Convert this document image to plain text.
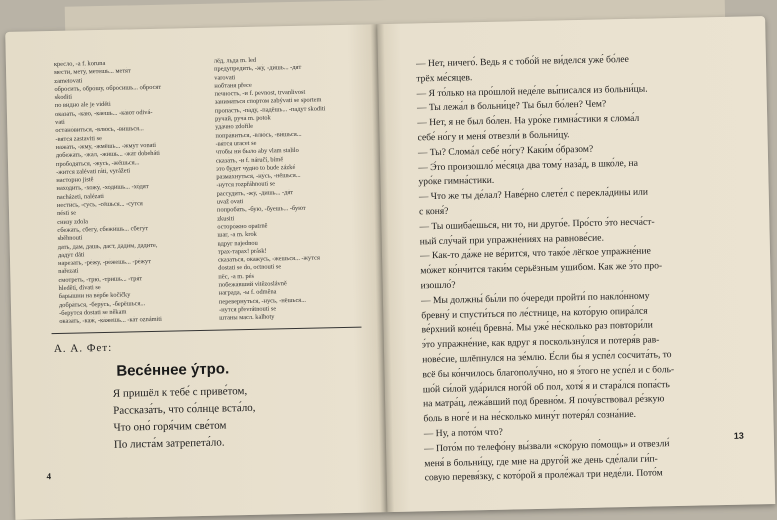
кре́сло, -а f. koruna
мести́, мету́, мете́шь... метя́т
zametovati
обро́сить, обро́шу, обро́сишь... обро́сят
skoditi
по ви́дно ale je viděti
оказа́ть, -ка́ю, -ка́ешь... -ка́ют odivá-
vati
остано́виться, -влю́сь, -ви́шься...
-вя́тся zastaviti se
нажа́ть, -жму́, -жмёшь... -жму́т vonati
добежа́ть, -жа́л, -жи́шь... -жа́т dobeháti
прободя́ться, -жу́сь, -жёшься...
-жи́тся zalévati ráti, vyrážeti
насто́рно jistě
находи́ть, -хожу́, -хо́дишь... -хо́дят
nacházeti, nalézati
нести́сь, -су́сь, -сёшься... -су́тся
nésti se
сни́зу zdola
сбежа́ть, сбегу́, сбежи́шь... сбегу́т
sběhnouti
дать, дам, дашь, даст, дади́м, дади́те,
даду́т dáti
наре́зать, -ре́жу, -ре́жешь... -ре́жут
nařezati
смотре́ть, -трю́, -три́шь... -тря́т
hleděti, dívati se
бары́шни на ве́рбе kočičky
добра́ться, -беру́сь, -берёшься...
-беру́тся dostati se někam
оказа́ть, -каж́, -ка́жешь... -ка́т oznámiti
лёд, льда m. led
предупреди́ть, -жу́, -ди́шь... -дя́т
varovati
ноб́таня přece
пе́чность, -и f. pevnost, trvanlivost
занима́ться спо́ртом zabývati se sportem
пропа́сть, -па́ду, -падёшь... -паду́т skoditi
руча́й, руча́ m. potok
уда́чно zdořile
попра́виться, -влю́сь, -ви́шься...
-вя́тся uracet se
что́бы ни́ было aby vlam stalilo
сказа́ть, -и f. náručí, bímě
это бу́дет чу́дно to bude zázké
разма́хнуться, -ну́сь, -нёшься...
-ну́тся rozpřáhnouti se
рассуди́ть, -жу́, -ди́шь... -дя́т
uvaž ovati
попроба́ть, -бую, -бу́ешь... -бу́ют
zkusiti
осторо́жно opatrně
шаг, -а m. krok
вдру́г najednou
трах-тара́х! prásk!
сказа́ться, окажу́сь, -же́шься... -жу́тся
dostati se do, octnouti se
пёс, -а m. pés
побежа́вший vitězoslávně
награ́да, -ы f. odměna
переверну́ться, -ну́сь, -нёшься...
-ну́тся převrátnouti se
шта́ны масл. kalhoty
А. А. Фет:
Весе́ннее у́тро.
Я пришёл к тебе́ с приве́том,
Рассказа́ть, что со́лнце вста́ло,
Что оно́ горя́чим све́том
По листа́м затрепета́ло.
4
— Нет, ничего́. Ведь я с тобо́й не ви́делся уже́ бо́лее
трёх ме́сяцев.
— Я то́лько на про́шлой неде́ле вы́писался из больни́цы.
— Ты лежа́л в больни́це? Ты был бо́лен? Чем?
— Нет, я не был бо́лен. На уро́ке гимна́стики я слома́л
себе́ но́гу и меня́ отвезли́ в больни́цу.
— Ты? Слома́л себе́ но́гу? Каки́м о́бразом?
— Э́то произошло́ ме́сяца два тому́ наза́д, в шко́ле, на
уро́ке гимна́стики.
— Что же ты де́лал? Наве́рно слете́л с перекла́дины или
с коня́?
— Ты ошиба́ешься, ни то, ни друго́е. Про́сто э́то несча́ст-
ный слу́чай при упражне́ниях на равнове́сие.
— Как-то да́же не ве́рится, что тако́е лёгкое упражне́ние
мо́жет ко́нчится таки́м серьёзным ушибом. Как же э́то про-
изошло́?
— Мы должны́ бы́ли по о́череди пройти́ по накло́нному
бревну́ и спусти́ться по ле́стнице, на кото́рую опира́лся
ве́рхний коне́ц бревна́. Мы уже́ не́сколько раз повтори́ли
э́то упражне́ние, как вдруг я поскользну́лся и потеря́в рав-
нове́сие, шлёпнулся на зе́млю. Е́сли бы я успе́л сосчита́ть, то
всё бы ко́нчилось благополу́чно, но я э́того не успе́л и с боль-
шо́й си́лой уда́рился ного́й об пол, хотя́ я и стара́лся попа́сть
на матра́ц, лежа́вший под бревно́м. Я почу́вствовал ре́зкую
боль в ноге́ и на не́сколько мину́т потеря́л созна́ние.
— Ну, а пото́м что?
— Пото́м по телефо́ну вы́звали «ско́рую по́мощь» и отвезли́
меня́ в больни́цу, где мне на друго́й же день сде́лали ги́п-
совую перевя́зку, с кото́рой я проле́жал три неде́ли. Пото́м
13
